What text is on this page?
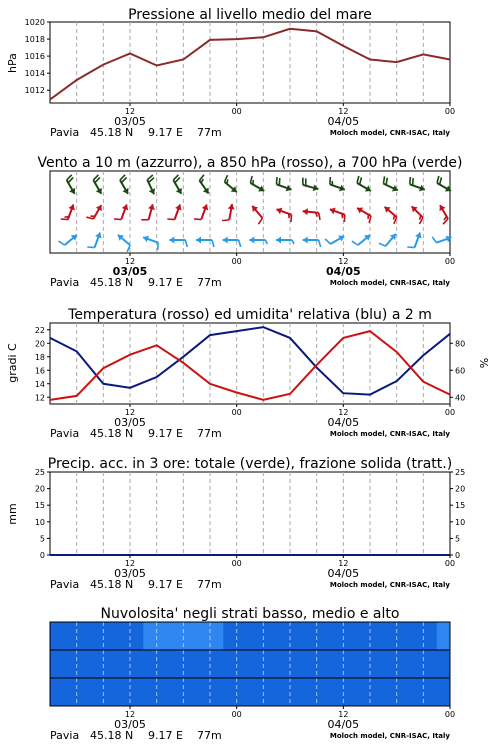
Pressione al livello medio del mare
1012
1014
1016
1018
1020
hPa
12	00	12	00
03/05	04/05
Pavia 45.18 N 9.17 E 77m	Moloch model, CNR-ISAC, Italy
Vento a 10 m (azzurro), a 850 hPa (rosso), a 700 hPa (verde)
12	00	12	00
03/05	04/05
Pavia 45.18 N 9.17 E 77m	Moloch model, CNR-ISAC, Italy
Temperatura (rosso) ed umidita' relativa (blu) a 2 m
12
14
16
18
20
22
40
60
80
gradi C	%
12	00	12	00
03/05	04/05
Pavia 45.18 N 9.17 E 77m	Moloch model, CNR-ISAC, Italy
Precip. acc. in 3 ore: totale (verde), frazione solida (tratt.)
0
5
10
15
20
25
0
5
10
15
20
25
mm
12	00	12	00
03/05	04/05
Pavia 45.18 N 9.17 E 77m	Moloch model, CNR-ISAC, Italy
Nuvolosita' negli strati basso, medio e alto
12	00	12	00
03/05	04/05
Pavia 45.18 N 9.17 E 77m	Moloch model, CNR-ISAC, Italy
